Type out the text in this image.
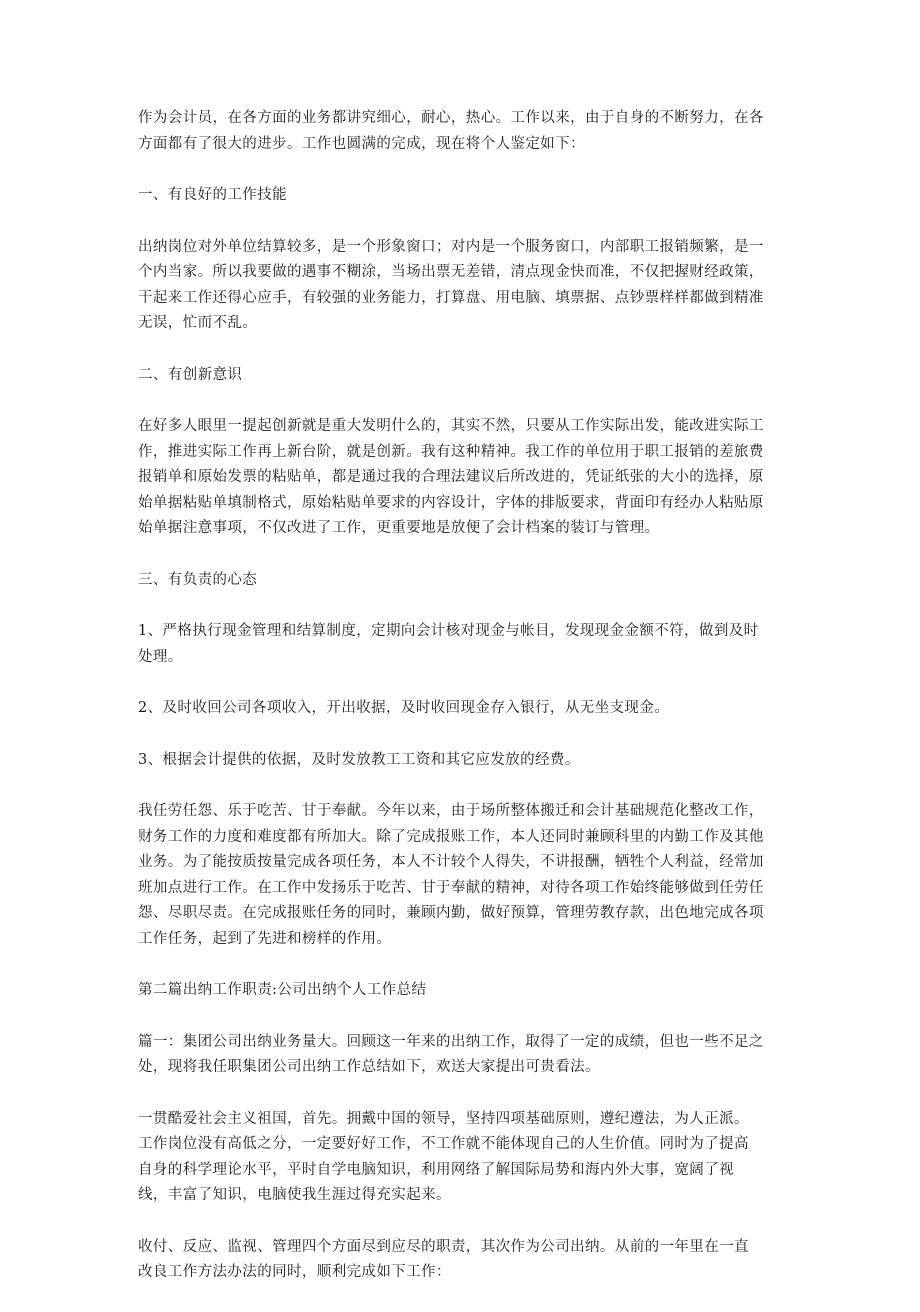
作为会计员，在各方面的业务都讲究细心，耐心，热心。工作以来，由于自身的不断努力，在各
方面都有了很大的进步。工作也圆满的完成，现在将个人鉴定如下：

一、有良好的工作技能

出纳岗位对外单位结算较多，是一个形象窗口；对内是一个服务窗口，内部职工报销频繁，是一
个内当家。所以我要做的遇事不糊涂，当场出票无差错，清点现金快而准，不仅把握财经政策，
干起来工作还得心应手，有较强的业务能力，打算盘、用电脑、填票据、点钞票样样都做到精准
无误，忙而不乱。

二、有创新意识

在好多人眼里一提起创新就是重大发明什么的，其实不然，只要从工作实际出发，能改进实际工
作，推进实际工作再上新台阶，就是创新。我有这种精神。我工作的单位用于职工报销的差旅费
报销单和原始发票的粘贴单，都是通过我的合理法建议后所改进的，凭证纸张的大小的选择，原
始单据粘贴单填制格式，原始粘贴单要求的内容设计，字体的排版要求，背面印有经办人粘贴原
始单据注意事项，不仅改进了工作，更重要地是放便了会计档案的装订与管理。

三、有负责的心态

1、严格执行现金管理和结算制度，定期向会计核对现金与帐目，发现现金金额不符，做到及时
处理。

2、及时收回公司各项收入，开出收据，及时收回现金存入银行，从无坐支现金。

3、根据会计提供的依据，及时发放教工工资和其它应发放的经费。

我任劳任怨、乐于吃苦、甘于奉献。今年以来，由于场所整体搬迁和会计基础规范化整改工作，
财务工作的力度和难度都有所加大。除了完成报账工作，本人还同时兼顾科里的内勤工作及其他
业务。为了能按质按量完成各项任务，本人不计较个人得失，不讲报酬，牺牲个人利益，经常加
班加点进行工作。在工作中发扬乐于吃苦、甘于奉献的精神，对待各项工作始终能够做到任劳任
怨、尽职尽责。在完成报账任务的同时，兼顾内勤，做好预算，管理劳教存款，出色地完成各项
工作任务，起到了先进和榜样的作用。

第二篇出纳工作职责:公司出纳个人工作总结

篇一：集团公司出纳业务量大。回顾这一年来的出纳工作，取得了一定的成绩，但也一些不足之
处，现将我任职集团公司出纳工作总结如下，欢送大家提出可贵看法。

一贯酷爱社会主义祖国，首先。拥戴中国的领导，坚持四项基础原则，遵纪遵法，为人正派。
工作岗位没有高低之分，一定要好好工作，不工作就不能体现自己的人生价值。同时为了提高
自身的科学理论水平，平时自学电脑知识，利用网络了解国际局势和海内外大事，宽阔了视
线，丰富了知识，电脑使我生涯过得充实起来。

收付、反应、监视、管理四个方面尽到应尽的职责，其次作为公司出纳。从前的一年里在一直
改良工作方法办法的同时，顺利完成如下工作：
